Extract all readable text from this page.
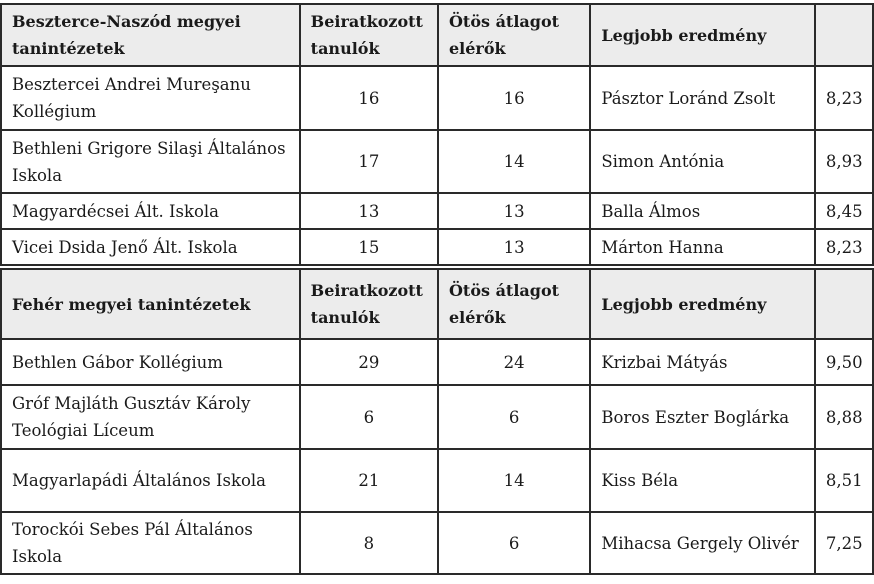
Beszterce-Naszód megyei tanintézetek	Beiratkozott tanulók	Ötös átlagot elérők	Legjobb eredmény	
Besztercei Andrei Mureşanu Kollégium	16	16	Pásztor Loránd Zsolt	8,23
Bethleni Grigore Silaşi Általános Iskola	17	14	Simon Antónia	8,93
Magyardécsei Ált. Iskola	13	13	Balla Álmos	8,45
Vicei Dsida Jenő Ált. Iskola	15	13	Márton Hanna	8,23
Fehér megyei tanintézetek	Beiratkozott tanulók	Ötös átlagot elérők	Legjobb eredmény	
Bethlen Gábor Kollégium	29	24	Krizbai Mátyás	9,50
Gróf Majláth Gusztáv Károly Teológiai Líceum	6	6	Boros Eszter Boglárka	8,88
Magyarlapádi Általános Iskola	21	14	Kiss Béla	8,51
Torockói Sebes Pál Általános Iskola	8	6	Mihacsa Gergely Olivér	7,25
